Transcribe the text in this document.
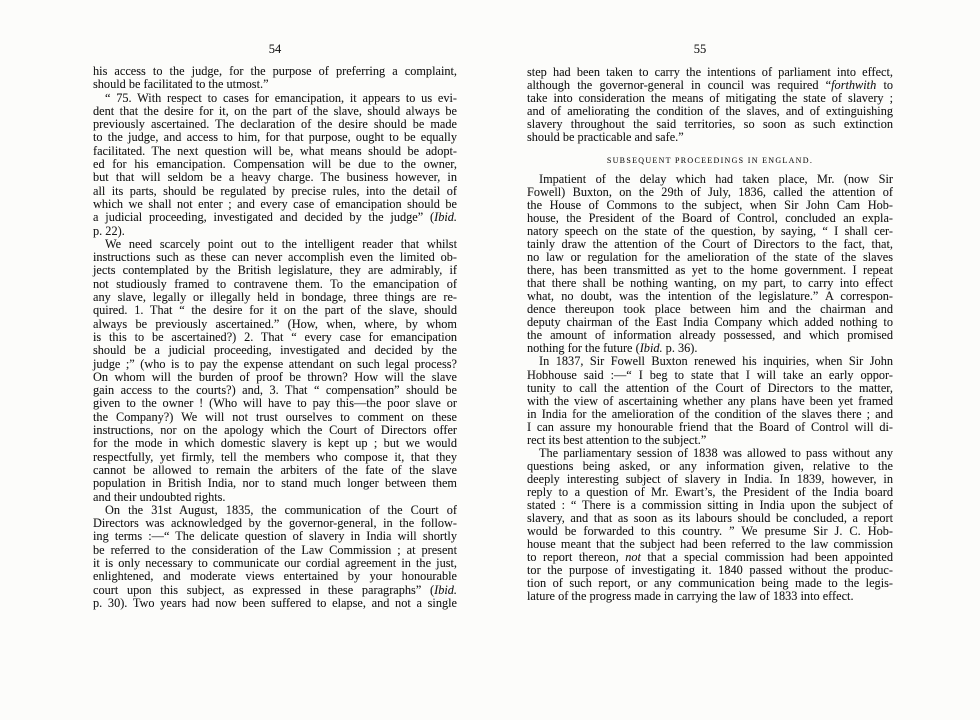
54
his access to the judge, for the purpose of preferring a complaint,
should be facilitated to the utmost.”
“ 75. With respect to cases for emancipation, it appears to us evi-
dent that the desire for it, on the part of the slave, should always be
previously ascertained. The declaration of the desire should be made
to the judge, and access to him, for that purpose, ought to be equally
facilitated. The next question will be, what means should be adopt-
ed for his emancipation. Compensation will be due to the owner,
but that will seldom be a heavy charge. The business however, in
all its parts, should be regulated by precise rules, into the detail of
which we shall not enter ; and every case of emancipation should be
a judicial proceeding, investigated and decided by the judge” (Ibid.
p. 22).
We need scarcely point out to the intelligent reader that whilst
instructions such as these can never accomplish even the limited ob-
jects contemplated by the British legislature, they are admirably, if
not studiously framed to contravene them. To the emancipation of
any slave, legally or illegally held in bondage, three things are re-
quired. 1. That “ the desire for it on the part of the slave, should
always be previously ascertained.” (How, when, where, by whom
is this to be ascertained?) 2. That “ every case for emancipation
should be a judicial proceeding, investigated and decided by the
judge ;” (who is to pay the expense attendant on such legal process?
On whom will the burden of proof be thrown? How will the slave
gain access to the courts?) and, 3. That “ compensation” should be
given to the owner ! (Who will have to pay this—the poor slave or
the Company?) We will not trust ourselves to comment on these
instructions, nor on the apology which the Court of Directors offer
for the mode in which domestic slavery is kept up ; but we would
respectfully, yet firmly, tell the members who compose it, that they
cannot be allowed to remain the arbiters of the fate of the slave
population in British India, nor to stand much longer between them
and their undoubted rights.
On the 31st August, 1835, the communication of the Court of
Directors was acknowledged by the governor-general, in the follow-
ing terms :—“ The delicate question of slavery in India will shortly
be referred to the consideration of the Law Commission ; at present
it is only necessary to communicate our cordial agreement in the just,
enlightened, and moderate views entertained by your honourable
court upon this subject, as expressed in these paragraphs” (Ibid.
p. 30). Two years had now been suffered to elapse, and not a single
55
step had been taken to carry the intentions of parliament into effect,
although the governor-general in council was required “forthwith to
take into consideration the means of mitigating the state of slavery ;
and of ameliorating the condition of the slaves, and of extinguishing
slavery throughout the said territories, so soon as such extinction
should be practicable and safe.”
SUBSEQUENT PROCEEDINGS IN ENGLAND.
Impatient of the delay which had taken place, Mr. (now Sir
Fowell) Buxton, on the 29th of July, 1836, called the attention of
the House of Commons to the subject, when Sir John Cam Hob-
house, the President of the Board of Control, concluded an expla-
natory speech on the state of the question, by saying, “ I shall cer-
tainly draw the attention of the Court of Directors to the fact, that,
no law or regulation for the amelioration of the state of the slaves
there, has been transmitted as yet to the home government. I repeat
that there shall be nothing wanting, on my part, to carry into effect
what, no doubt, was the intention of the legislature.” A correspon-
dence thereupon took place between him and the chairman and
deputy chairman of the East India Company which added nothing to
the amount of information already possessed, and which promised
nothing for the future (Ibid. p. 36).
In 1837, Sir Fowell Buxton renewed his inquiries, when Sir John
Hobhouse said :—“ I beg to state that I will take an early oppor-
tunity to call the attention of the Court of Directors to the matter,
with the view of ascertaining whether any plans have been yet framed
in India for the amelioration of the condition of the slaves there ; and
I can assure my honourable friend that the Board of Control will di-
rect its best attention to the subject.”
The parliamentary session of 1838 was allowed to pass without any
questions being asked, or any information given, relative to the
deeply interesting subject of slavery in India. In 1839, however, in
reply to a question of Mr. Ewart’s, the President of the India board
stated : “ There is a commission sitting in India upon the subject of
slavery, and that as soon as its labours should be concluded, a report
would be forwarded to this country. ” We presume Sir J. C. Hob-
house meant that the subject had been referred to the law commission
to report thereon, not that a special commission had been appointed
tor the purpose of investigating it. 1840 passed without the produc-
tion of such report, or any communication being made to the legis-
lature of the progress made in carrying the law of 1833 into effect.
